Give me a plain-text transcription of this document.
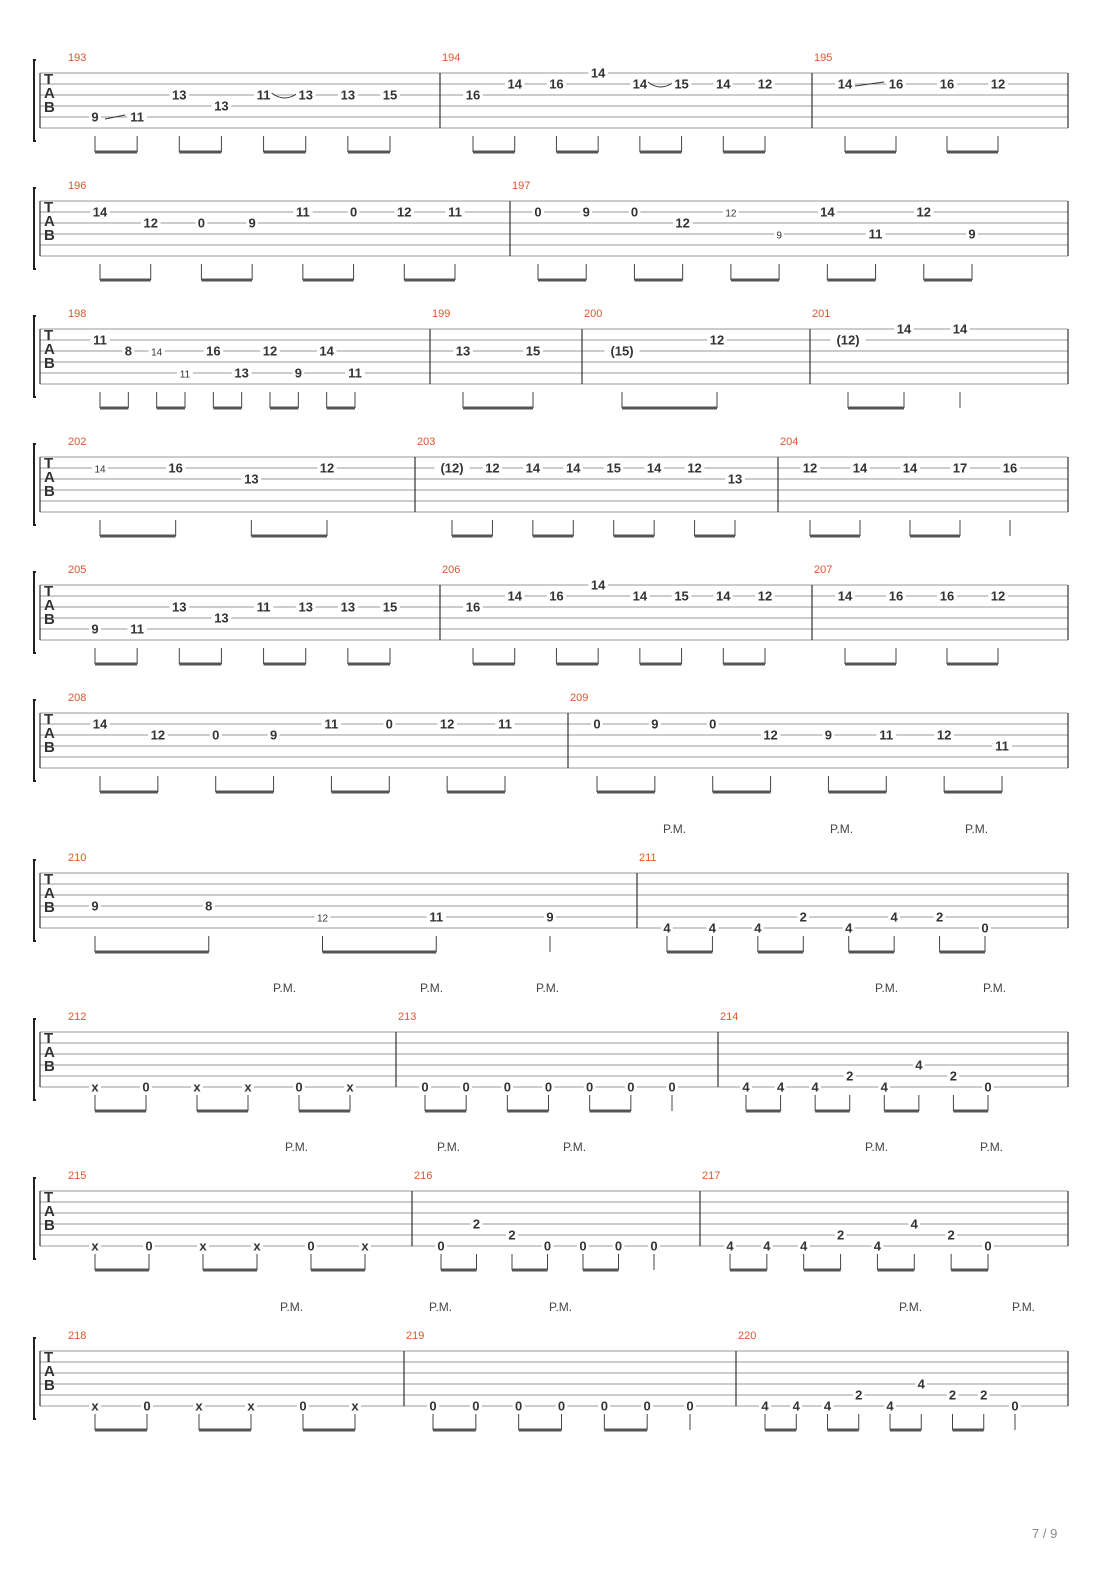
T
A
B
193
9 11
13
13
11 13 13 15
194
16
14 16
14
14 15 14 12
195
14	16	16	12
T
A
B
196
14
12	0	9
11	0	12	11
197
0	9	0
12
12
9
14
11
12
9
T
A
B
198
11
8 14
11
16
13
12
9
14
11
199
13	15
200
(15)
12
201
(12)
14	14
T
A
B
202
14	16
13
12
203
(12) 12 14 14 15 14 12
13
204
12	14	14	17	16
T
A
B
205
9 11
13
13
11 13 13 15
206
16
14 16
14
14 15 14 12
207
14	16	16	12
T
A
B
208
14
12	0	9
11	0	12	11
209
0	9	0
12	9	11	12
11
T
A
B
P.M.	P.M.	P.M.
210
9	8
12	11	9
211
4	4	4
2
4
4	2
0
T
A
B
P.M.	P.M.	P.M.	P.M.	P.M.
212
x	0	x	x	0	x
213
0	0	0	0	0	0	0
214
4 4 4
2
4
4
2
0
T
A
B
P.M.	P.M.	P.M.	P.M.	P.M.
215
x	0	x	x	0	x
216
0
2
2
0 0 0 0
217
4 4 4
2
4
4
2
0
T
A
B
P.M.	P.M.	P.M.	P.M.	P.M.
218
x	0	x	x	0	x
219
0	0	0	0	0	0	0
220
4 4 4
2
4
4
2 2
0
7 / 9
